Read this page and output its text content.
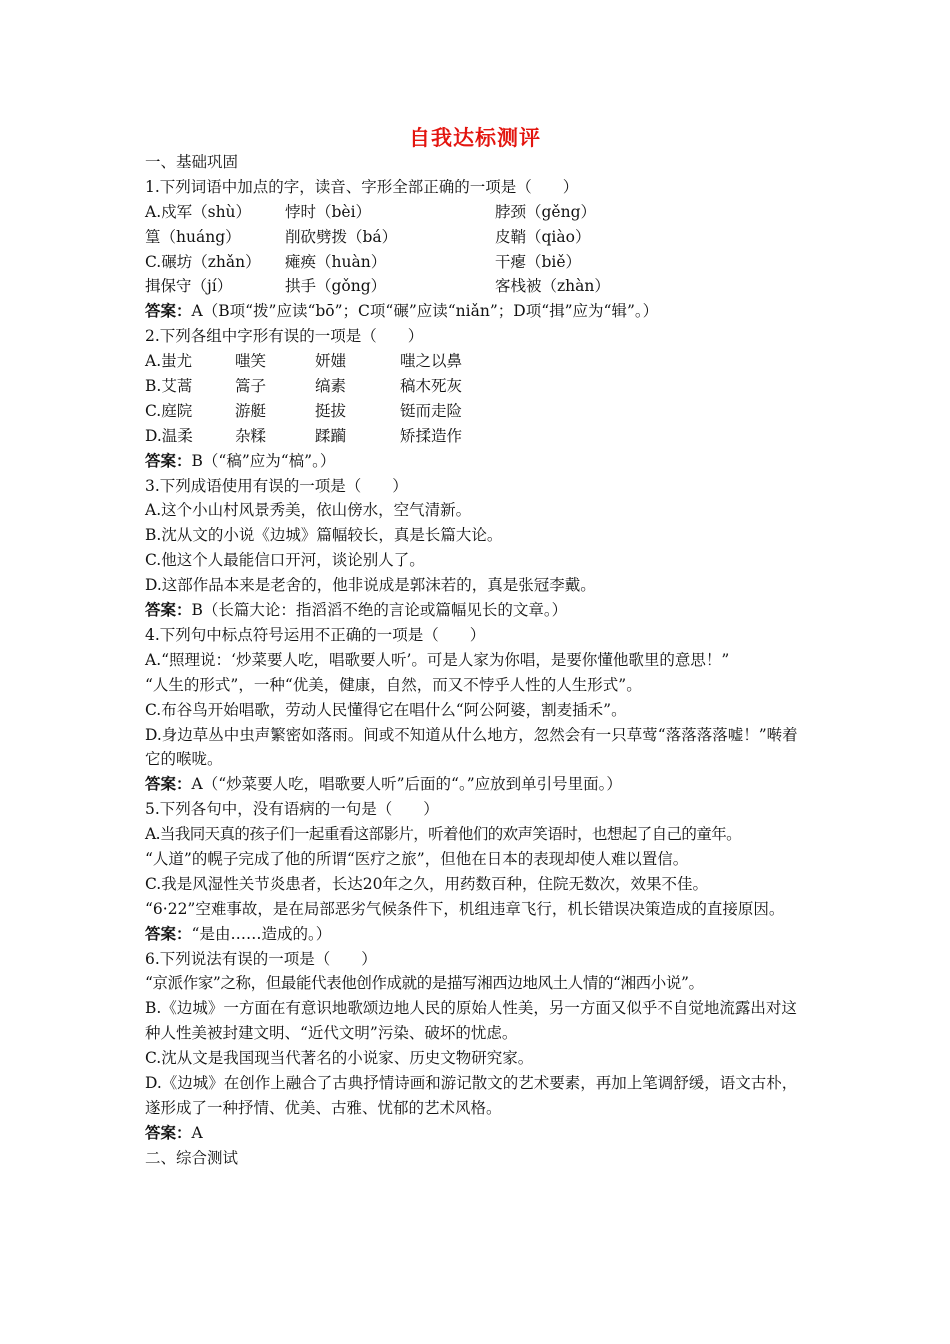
自我达标测评
一、基础巩固
1.下列词语中加点的字，读音、字形全部正确的一项是（　　）
A.戍军（shù）	悖时（bèi）	脖颈（gěng）
篁（huáng）	削砍劈拨（bá）	皮鞘（qiào）
C.碾坊（zhǎn）	瘫痪（huàn）	干瘪（biě）
揖保守（jí）	拱手（gǒng）	客栈被（zhàn）
答案：A（B项“拨”应读“bō”；C项“碾”应读“niǎn”；D项“揖”应为“辑”。）
2.下列各组中字形有误的一项是（　　）
A.蚩尤	嗤笑	妍媸	嗤之以鼻
B.艾蒿	篙子	缟素	稿木死灰
C.庭院	游艇	挺拔	铤而走险
D.温柔	杂糅	蹂躏	矫揉造作
答案：B（“稿”应为“槁”。）
3.下列成语使用有误的一项是（　　）
A.这个小山村风景秀美，依山傍水，空气清新。
B.沈从文的小说《边城》篇幅较长，真是长篇大论。
C.他这个人最能信口开河，谈论别人了。
D.这部作品本来是老舍的，他非说成是郭沫若的，真是张冠李戴。
答案：B（长篇大论：指滔滔不绝的言论或篇幅见长的文章。）
4.下列句中标点符号运用不正确的一项是（　　）
A.“照理说：‘炒菜要人吃，唱歌要人听’。可是人家为你唱，是要你懂他歌里的意思！”
“人生的形式”，一种“优美，健康，自然，而又不悖乎人性的人生形式”。
C.布谷鸟开始唱歌，劳动人民懂得它在唱什么“阿公阿婆，割麦插禾”。
D.身边草丛中虫声繁密如落雨。间或不知道从什么地方，忽然会有一只草莺“落落落落嘘！”啭着它的喉咙。
答案：A（“炒菜要人吃，唱歌要人听”后面的“。”应放到单引号里面。）
5.下列各句中，没有语病的一句是（　　）
A.当我同天真的孩子们一起重看这部影片，听着他们的欢声笑语时，也想起了自己的童年。
“人道”的幌子完成了他的所谓“医疗之旅”，但他在日本的表现却使人难以置信。
C.我是风湿性关节炎患者，长达20年之久，用药数百种，住院无数次，效果不佳。
“6·22”空难事故，是在局部恶劣气候条件下，机组违章飞行，机长错误决策造成的直接原因。
答案：“是由……造成的。）
6.下列说法有误的一项是（　　）
“京派作家”之称，但最能代表他创作成就的是描写湘西边地风土人情的“湘西小说”。
B.《边城》一方面在有意识地歌颂边地人民的原始人性美，另一方面又似乎不自觉地流露出对这种人性美被封建文明、“近代文明”污染、破坏的忧虑。
C.沈从文是我国现当代著名的小说家、历史文物研究家。
D.《边城》在创作上融合了古典抒情诗画和游记散文的艺术要素，再加上笔调舒缓，语文古朴，遂形成了一种抒情、优美、古雅、忧郁的艺术风格。
答案：A
二、综合测试
